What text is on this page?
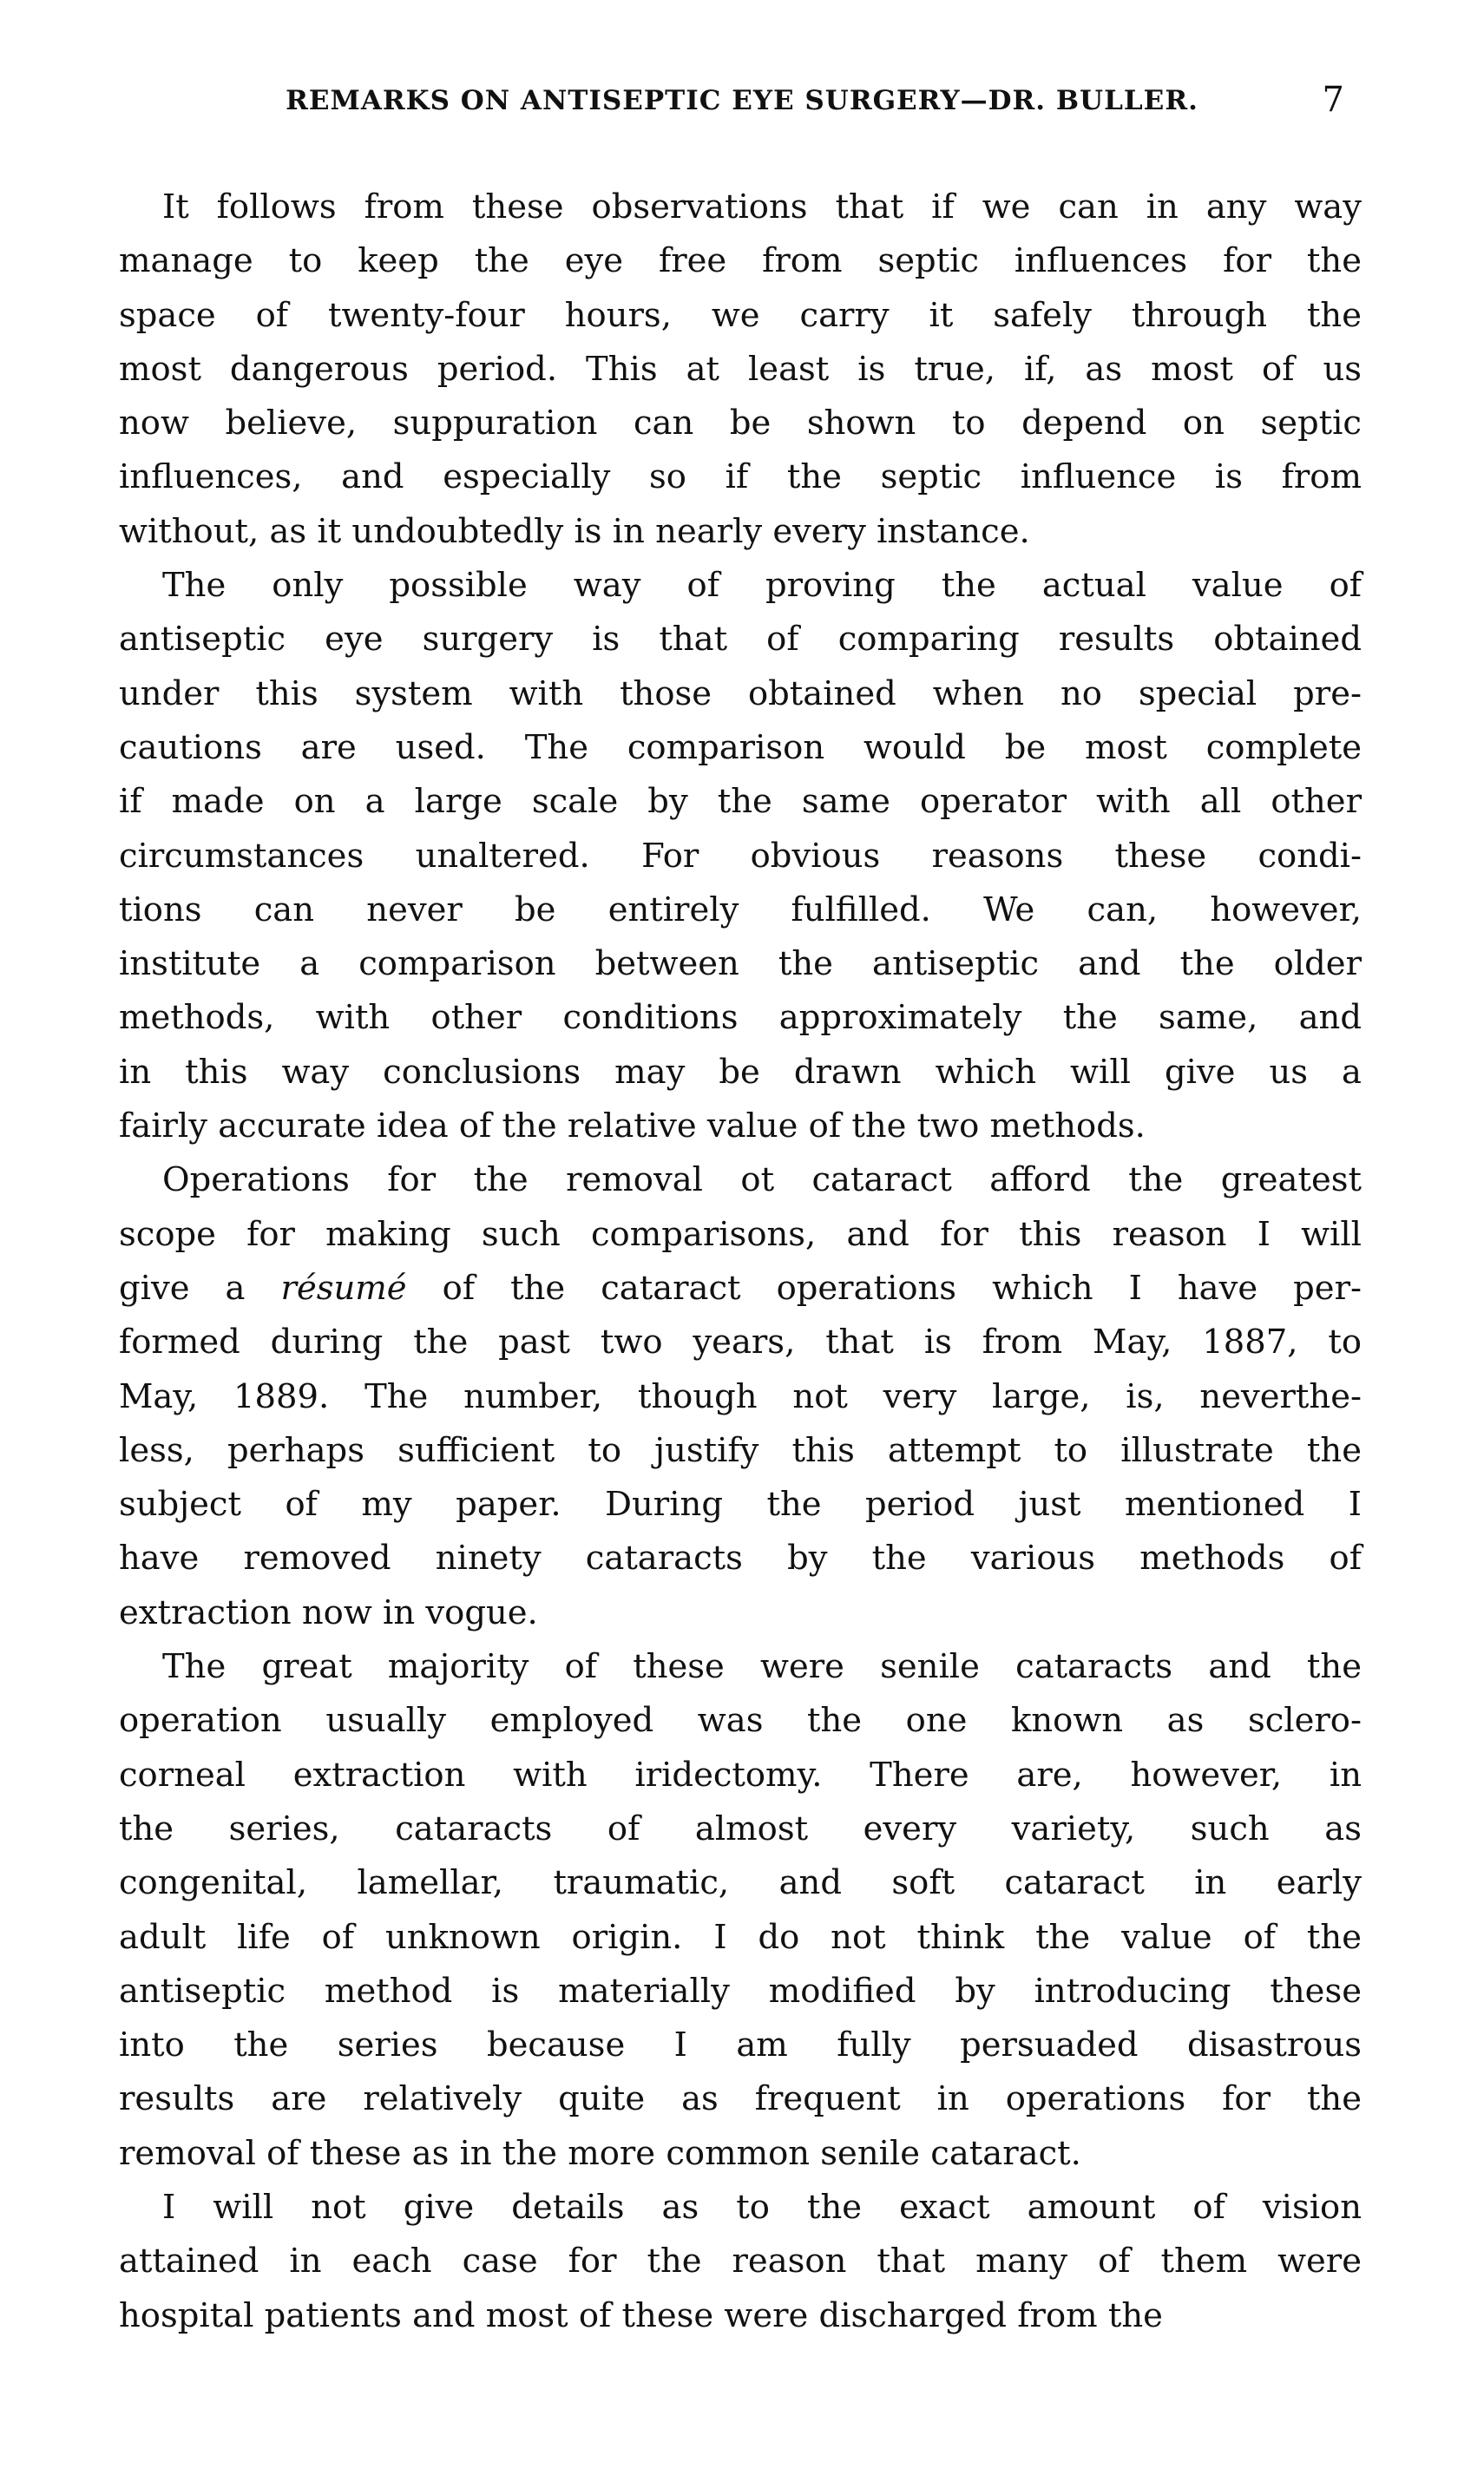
REMARKS ON ANTISEPTIC EYE SURGERY—DR. BULLER.	7

It follows from these observations that if we can in any way
manage to keep the eye free from septic influences for the
space of twenty-four hours, we carry it safely through the
most dangerous period. This at least is true, if, as most of us
now believe, suppuration can be shown to depend on septic
influences, and especially so if the septic influence is from
without, as it undoubtedly is in nearly every instance.

The only possible way of proving the actual value of
antiseptic eye surgery is that of comparing results obtained
under this system with those obtained when no special pre-
cautions are used. The comparison would be most complete
if made on a large scale by the same operator with all other
circumstances unaltered. For obvious reasons these condi-
tions can never be entirely fulfilled. We can, however,
institute a comparison between the antiseptic and the older
methods, with other conditions approximately the same, and
in this way conclusions may be drawn which will give us a
fairly accurate idea of the relative value of the two methods.

Operations for the removal ot cataract afford the greatest
scope for making such comparisons, and for this reason I will
give a résumé of the cataract operations which I have per-
formed during the past two years, that is from May, 1887, to
May, 1889. The number, though not very large, is, neverthe-
less, perhaps sufficient to justify this attempt to illustrate the
subject of my paper. During the period just mentioned I
have removed ninety cataracts by the various methods of
extraction now in vogue.

The great majority of these were senile cataracts and the
operation usually employed was the one known as sclero-
corneal extraction with iridectomy. There are, however, in
the series, cataracts of almost every variety, such as
congenital, lamellar, traumatic, and soft cataract in early
adult life of unknown origin. I do not think the value of the
antiseptic method is materially modified by introducing these
into the series because I am fully persuaded disastrous
results are relatively quite as frequent in operations for the
removal of these as in the more common senile cataract.

I will not give details as to the exact amount of vision
attained in each case for the reason that many of them were
hospital patients and most of these were discharged from the
